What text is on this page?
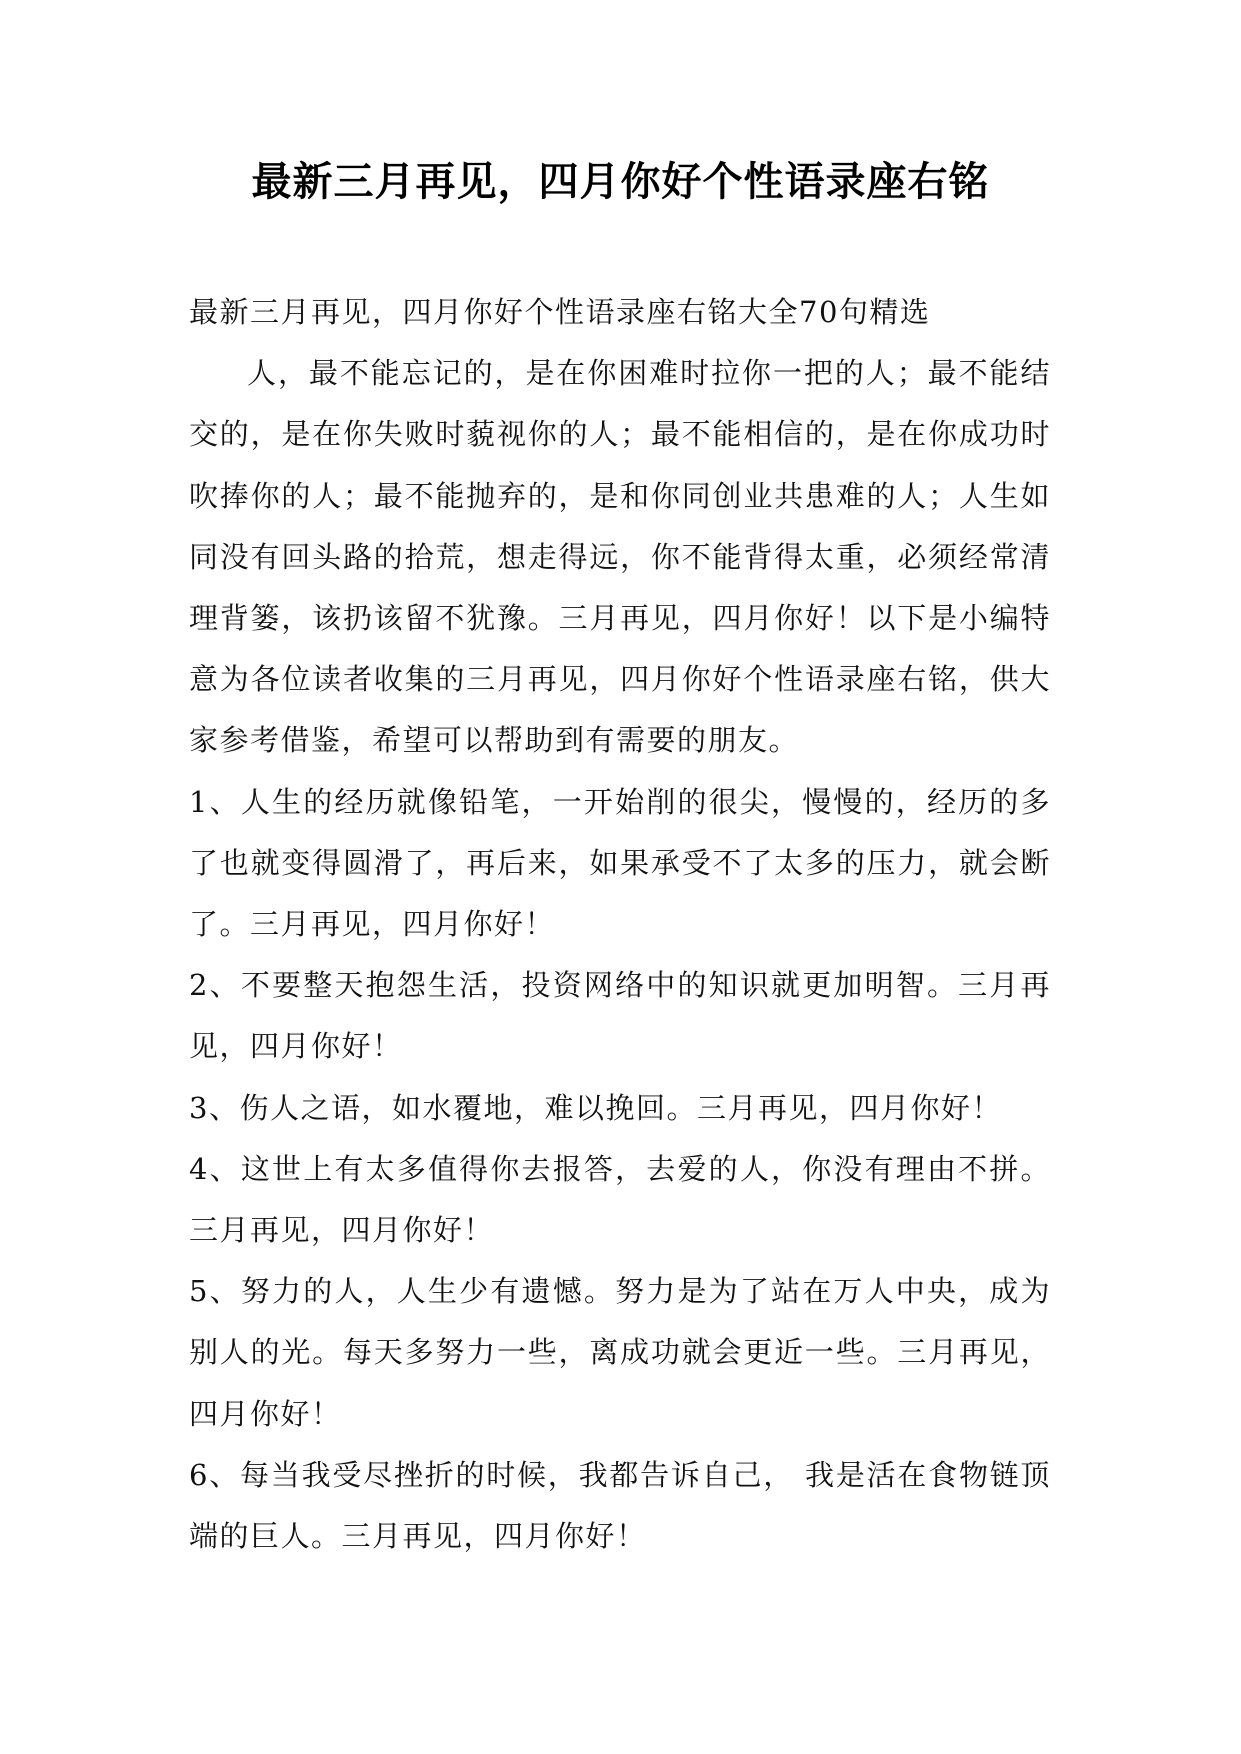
最新三月再见，四月你好个性语录座右铭

最新三月再见，四月你好个性语录座右铭大全70句精选

人，最不能忘记的，是在你困难时拉你一把的人；最不能结交的，是在你失败时藐视你的人；最不能相信的，是在你成功时吹捧你的人；最不能抛弃的，是和你同创业共患难的人；人生如同没有回头路的拾荒，想走得远，你不能背得太重，必须经常清理背篓，该扔该留不犹豫。三月再见，四月你好！以下是小编特意为各位读者收集的三月再见，四月你好个性语录座右铭，供大家参考借鉴，希望可以帮助到有需要的朋友。

1、人生的经历就像铅笔，一开始削的很尖，慢慢的，经历的多了也就变得圆滑了，再后来，如果承受不了太多的压力，就会断了。三月再见，四月你好！

2、不要整天抱怨生活，投资网络中的知识就更加明智。三月再见，四月你好！

3、伤人之语，如水覆地，难以挽回。三月再见，四月你好！

4、这世上有太多值得你去报答，去爱的人，你没有理由不拼。三月再见，四月你好！

5、努力的人，人生少有遗憾。努力是为了站在万人中央，成为别人的光。每天多努力一些，离成功就会更近一些。三月再见，四月你好！

6、每当我受尽挫折的时候，我都告诉自己， 我是活在食物链顶端的巨人。三月再见，四月你好！
